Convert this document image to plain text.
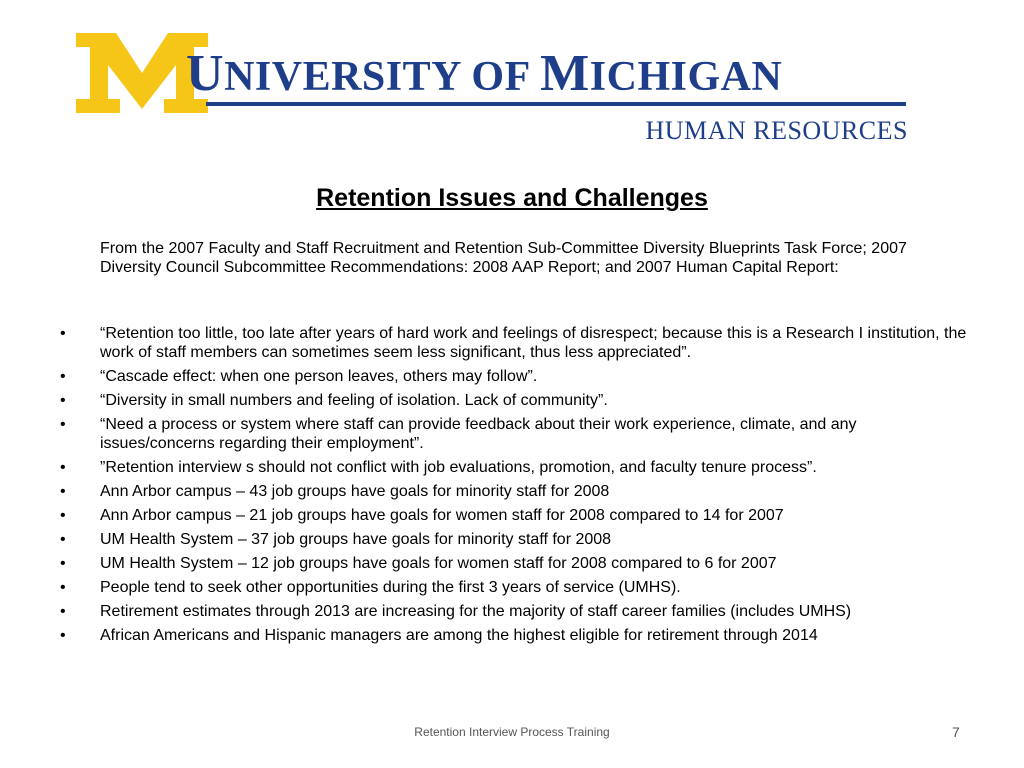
UNIVERSITY OF MICHIGAN
HUMAN RESOURCES
Retention Issues and Challenges

From the 2007 Faculty and Staff Recruitment and Retention Sub-Committee Diversity Blueprints Task Force; 2007 Diversity Council Subcommittee Recommendations: 2008 AAP Report; and 2007 Human Capital Report:

• “Retention too little, too late after years of hard work and feelings of disrespect; because this is a Research I institution, the work of staff members can sometimes seem less significant, thus less appreciated”.
• “Cascade effect: when one person leaves, others may follow”.
• “Diversity in small numbers and feeling of isolation. Lack of community”.
• “Need a process or system where staff can provide feedback about their work experience, climate, and any issues/concerns regarding their employment”.
• ”Retention interview s should not conflict with job evaluations, promotion, and faculty tenure process”.
• Ann Arbor campus – 43 job groups have goals for minority staff for 2008
• Ann Arbor campus – 21 job groups have goals for women staff for 2008 compared to 14 for 2007
• UM Health System – 37 job groups have goals for minority staff for 2008
• UM Health System – 12 job groups have goals for women staff for 2008 compared to 6 for 2007
• People tend to seek other opportunities during the first 3 years of service (UMHS).
• Retirement estimates through 2013 are increasing for the majority of staff career families (includes UMHS)
• African Americans and Hispanic managers are among the highest eligible for retirement through 2014
Retention Interview Process Training	7
